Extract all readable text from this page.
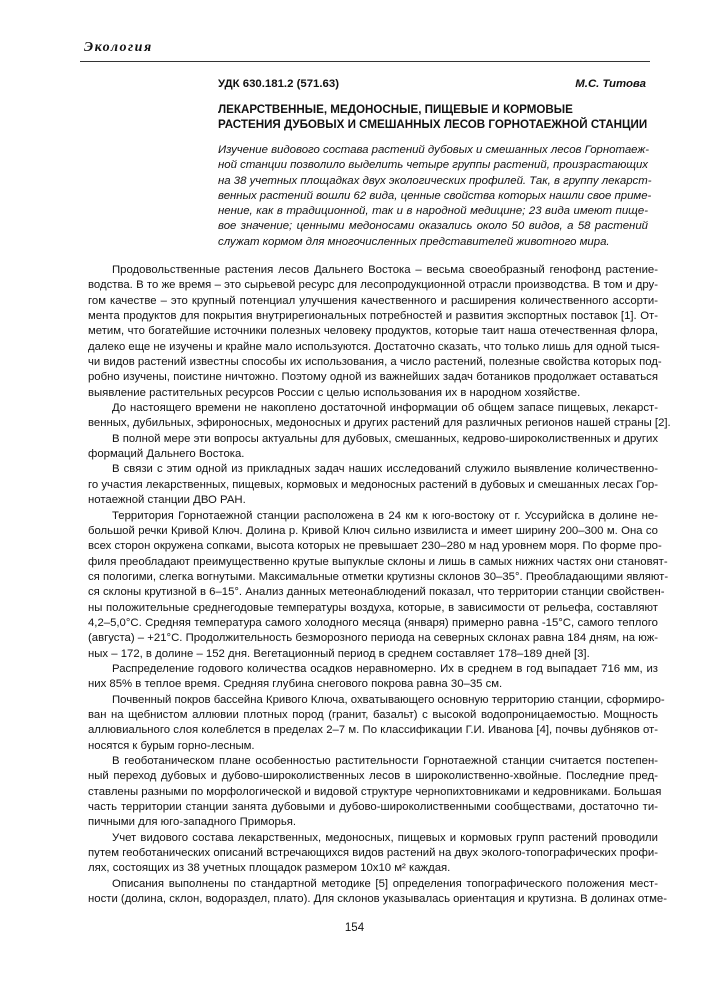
Экология
УДК 630.181.2 (571.63)	М.С. Титова
ЛЕКАРСТВЕННЫЕ, МЕДОНОСНЫЕ, ПИЩЕВЫЕ И КОРМОВЫЕ
РАСТЕНИЯ ДУБОВЫХ И СМЕШАННЫХ ЛЕСОВ ГОРНОТАЕЖНОЙ СТАНЦИИ
Изучение видового состава растений дубовых и смешанных лесов Горнотаеж-
ной станции позволило выделить четыре группы растений, произрастающих
на 38 учетных площадках двух экологических профилей. Так, в группу лекарст-
венных растений вошли 62 вида, ценные свойства которых нашли свое приме-
нение, как в традиционной, так и в народной медицине; 23 вида имеют пище-
вое значение; ценными медоносами оказались около 50 видов, а 58 растений
служат кормом для многочисленных представителей животного мира.
Продовольственные растения лесов Дальнего Востока – весьма своеобразный генофонд растение-
водства. В то же время – это сырьевой ресурс для лесопродукционной отрасли производства. В том и дру-
гом качестве – это крупный потенциал улучшения качественного и расширения количественного ассорти-
мента продуктов для покрытия внутрирегиональных потребностей и развития экспортных поставок [1]. От-
метим, что богатейшие источники полезных человеку продуктов, которые таит наша отечественная флора,
далеко еще не изучены и крайне мало используются. Достаточно сказать, что только лишь для одной тыся-
чи видов растений известны способы их использования, а число растений, полезные свойства которых под-
робно изучены, поистине ничтожно. Поэтому одной из важнейших задач ботаников продолжает оставаться
выявление растительных ресурсов России с целью использования их в народном хозяйстве.
До настоящего времени не накоплено достаточной информации об общем запасе пищевых, лекарст-
венных, дубильных, эфироносных, медоносных и других растений для различных регионов нашей страны [2].
В полной мере эти вопросы актуальны для дубовых, смешанных, кедрово-широколиственных и других
формаций Дальнего Востока.
В связи с этим одной из прикладных задач наших исследований служило выявление количественно-
го участия лекарственных, пищевых, кормовых и медоносных растений в дубовых и смешанных лесах Гор-
нотаежной станции ДВО РАН.
Территория Горнотаежной станции расположена в 24 км к юго-востоку от г. Уссурийска в долине не-
большой речки Кривой Ключ. Долина р. Кривой Ключ сильно извилиста и имеет ширину 200–300 м. Она со
всех сторон окружена сопками, высота которых не превышает 230–280 м над уровнем моря. По форме про-
филя преобладают преимущественно крутые выпуклые склоны и лишь в самых нижних частях они становят-
ся пологими, слегка вогнутыми. Максимальные отметки крутизны склонов 30–35°. Преобладающими являют-
ся склоны крутизной в 6–15°. Анализ данных метеонаблюдений показал, что территории станции свойствен-
ны положительные среднегодовые температуры воздуха, которые, в зависимости от рельефа, составляют
4,2–5,0°С. Средняя температура самого холодного месяца (января) примерно равна -15°С, самого теплого
(августа) – +21°С. Продолжительность безморозного периода на северных склонах равна 184 дням, на юж-
ных – 172, в долине – 152 дня. Вегетационный период в среднем составляет 178–189 дней [3].
Распределение годового количества осадков неравномерно. Их в среднем в год выпадает 716 мм, из
них 85% в теплое время. Средняя глубина снегового покрова равна 30–35 см.
Почвенный покров бассейна Кривого Ключа, охватывающего основную территорию станции, сформиро-
ван на щебнистом аллювии плотных пород (гранит, базальт) с высокой водопроницаемостью. Мощность
аллювиального слоя колеблется в пределах 2–7 м. По классификации Г.И. Иванова [4], почвы дубняков от-
носятся к бурым горно-лесным.
В геоботаническом плане особенностью растительности Горнотаежной станции считается постепен-
ный переход дубовых и дубово-широколиственных лесов в широколиственно-хвойные. Последние пред-
ставлены разными по морфологической и видовой структуре чернопихтовниками и кедровниками. Большая
часть территории станции занята дубовыми и дубово-широколиственными сообществами, достаточно ти-
пичными для юго-западного Приморья.
Учет видового состава лекарственных, медоносных, пищевых и кормовых групп растений проводили
путем геоботанических описаний встречающихся видов растений на двух эколого-топографических профи-
лях, состоящих из 38 учетных площадок размером 10х10 м² каждая.
Описания выполнены по стандартной методике [5] определения топографического положения мест-
ности (долина, склон, водораздел, плато). Для склонов указывалась ориентация и крутизна. В долинах отме-
154
